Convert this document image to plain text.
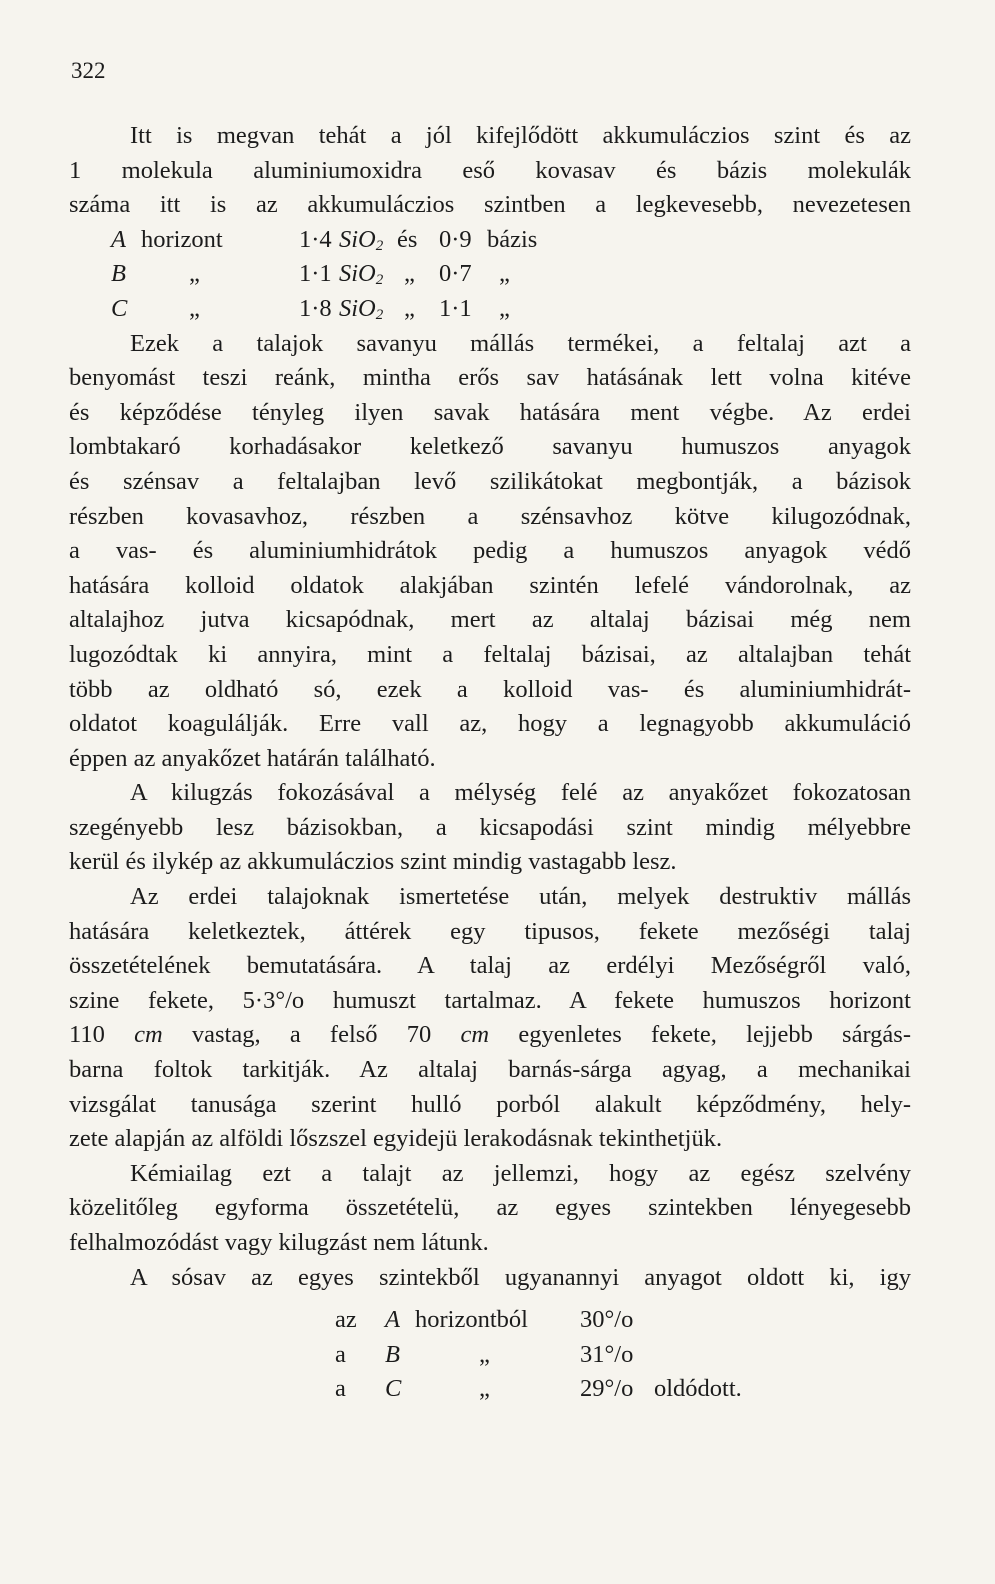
322
Itt is megvan tehát a jól kifejlődött akkumuláczios szint és az
1 molekula aluminiumoxidra eső kovasav és bázis molekulák
száma itt is az akkumuláczios szintben a legkevesebb, nevezetesen
A horizont	1·4 SiO$_2$ és 0·9 bázis
B	„	1·1 SiO$_2$ „ 0·7 „
C	„	1·8 SiO$_2$ „ 1·1 „
Ezek a talajok savanyu mállás termékei, a feltalaj azt a
benyomást teszi reánk, mintha erős sav hatásának lett volna kitéve
és képződése tényleg ilyen savak hatására ment végbe. Az erdei
lombtakaró korhadásakor keletkező savanyu humuszos anyagok
és szénsav a feltalajban levő szilikátokat megbontják, a bázisok
részben kovasavhoz, részben a szénsavhoz kötve kilugozódnak,
a vas- és aluminiumhidrátok pedig a humuszos anyagok védő
hatására kolloid oldatok alakjában szintén lefelé vándorolnak, az
altalajhoz jutva kicsapódnak, mert az altalaj bázisai még nem
lugozódtak ki annyira, mint a feltalaj bázisai, az altalajban tehát
több az oldható só, ezek a kolloid vas- és aluminiumhidrát-
oldatot koagulálják. Erre vall az, hogy a legnagyobb akkumuláció
éppen az anyakőzet határán található.
A kilugzás fokozásával a mélység felé az anyakőzet fokozatosan
szegényebb lesz bázisokban, a kicsapodási szint mindig mélyebbre
kerül és ilykép az akkumuláczios szint mindig vastagabb lesz.
Az erdei talajoknak ismertetése után, melyek destruktiv mállás
hatására keletkeztek, áttérek egy tipusos, fekete mezőségi talaj
összetételének bemutatására. A talaj az erdélyi Mezőségről való,
szine fekete, 5·3°/o humuszt tartalmaz. A fekete humuszos horizont
110 cm vastag, a felső 70 cm egyenletes fekete, lejjebb sárgás-
barna foltok tarkitják. Az altalaj barnás-sárga agyag, a mechanikai
vizsgálat tanusága szerint hulló porból alakult képződmény, hely-
zete alapján az alföldi lőszszel egyidejü lerakodásnak tekinthetjük.
Kémiailag ezt a talajt az jellemzi, hogy az egész szelvény
közelitőleg egyforma összetételü, az egyes szintekben lényegesebb
felhalmozódást vagy kilugzást nem látunk.
A sósav az egyes szintekből ugyanannyi anyagot oldott ki, igy
az A horizontból 30°/o
a B	„	31°/o
a C	„	29°/o oldódott.
